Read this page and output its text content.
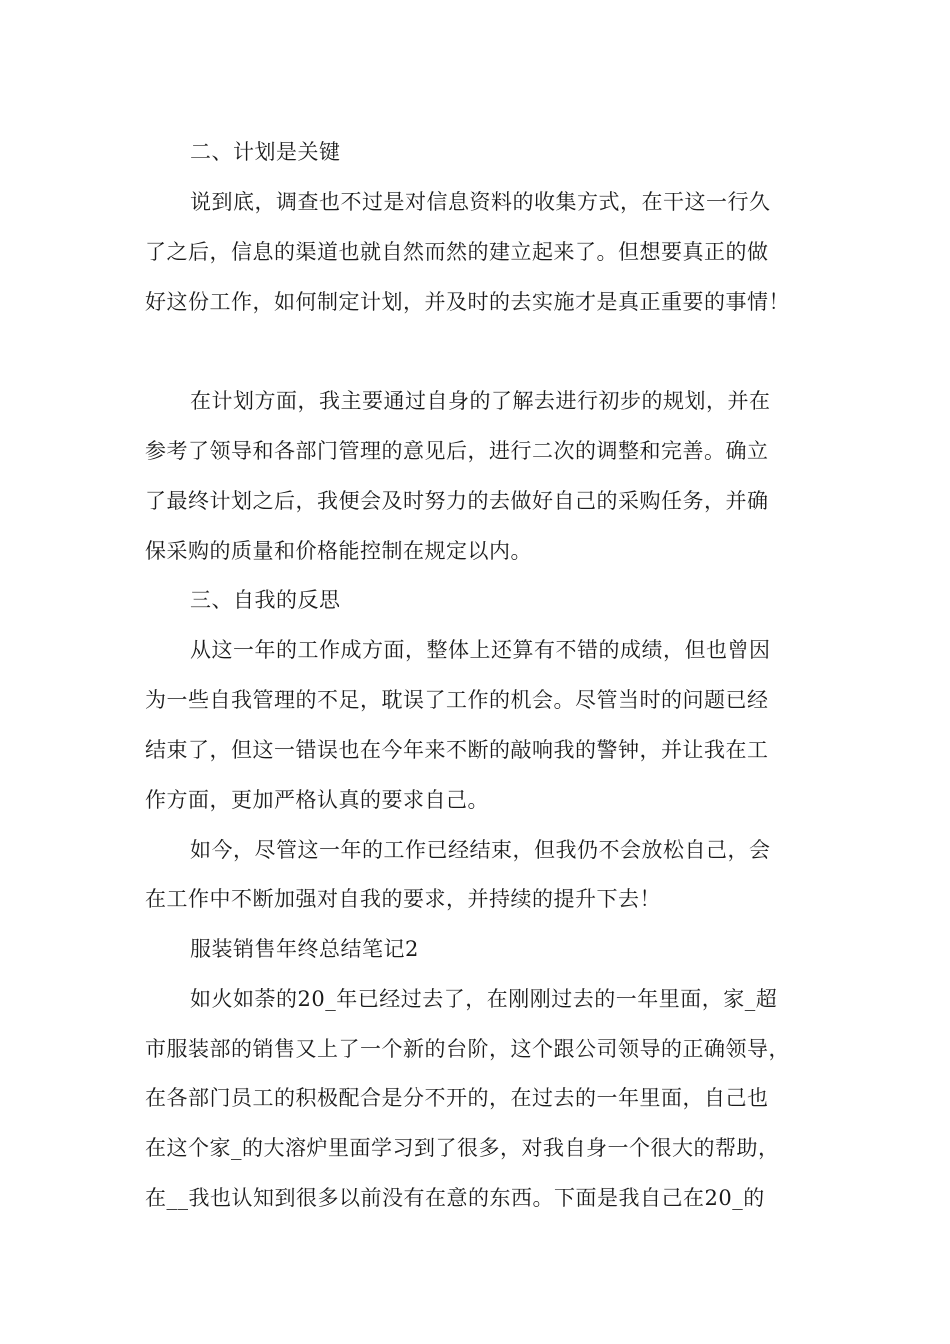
二、计划是关键
说到底，调查也不过是对信息资料的收集方式，在干这一行久
了之后，信息的渠道也就自然而然的建立起来了。但想要真正的做
好这份工作，如何制定计划，并及时的去实施才是真正重要的事情！
在计划方面，我主要通过自身的了解去进行初步的规划，并在
参考了领导和各部门管理的意见后，进行二次的调整和完善。确立
了最终计划之后，我便会及时努力的去做好自己的采购任务，并确
保采购的质量和价格能控制在规定以内。
三、自我的反思
从这一年的工作成方面，整体上还算有不错的成绩，但也曾因
为一些自我管理的不足，耽误了工作的机会。尽管当时的问题已经
结束了，但这一错误也在今年来不断的敲响我的警钟，并让我在工
作方面，更加严格认真的要求自己。
如今，尽管这一年的工作已经结束，但我仍不会放松自己，会
在工作中不断加强对自我的要求，并持续的提升下去！
服装销售年终总结笔记2
如火如荼的20_年已经过去了，在刚刚过去的一年里面，家_超
市服装部的销售又上了一个新的台阶，这个跟公司领导的正确领导，
在各部门员工的积极配合是分不开的，在过去的一年里面，自己也
在这个家_的大溶炉里面学习到了很多，对我自身一个很大的帮助，
在__我也认知到很多以前没有在意的东西。下面是我自己在20_的
